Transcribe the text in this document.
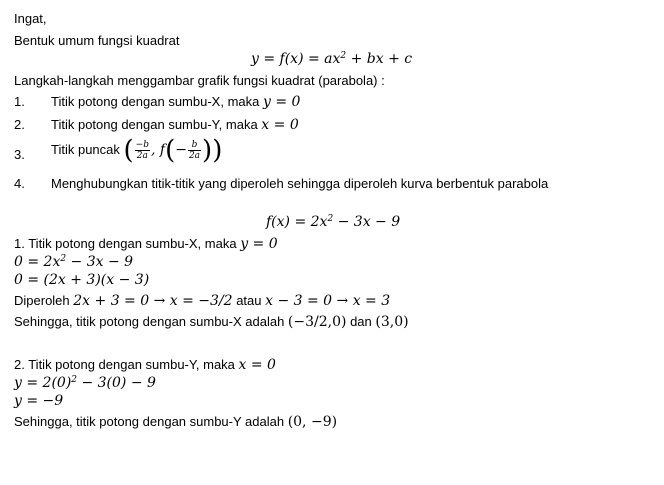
Ingat,
Bentuk umum fungsi kuadrat
$y = f(x) = ax^2$ + bx + c
Langkah-langkah menggambar grafik fungsi kuadrat (parabola) :
1. Titik potong dengan sumbu-X, maka y = 0
2. Titik potong dengan sumbu-Y, maka x = 0
3. Titik puncak ( $\frac{-b}{2a}$ , $f(- \frac{b}{2a}$ ))
4. Menghubungkan titik-titik yang diperoleh sehingga diperoleh kurva berbentuk parabola
$f(x) = 2x^2 - 3x - 9$
1. Titik potong dengan sumbu-X, maka y = 0
$0 = 2x^2 - 3x - 9$
0 = (2x + 3)(x − 3)
Diperoleh 2x + 3 = 0 → x = −3/2 atau x − 3 = 0 → x = 3
Sehingga, titik potong dengan sumbu-X adalah (−3/2,0) dan (3,0)
2. Titik potong dengan sumbu-Y, maka x = 0
$y = 2(0)^2 - 3(0) - 9$
y = −9
Sehingga, titik potong dengan sumbu-Y adalah (0, −9)
